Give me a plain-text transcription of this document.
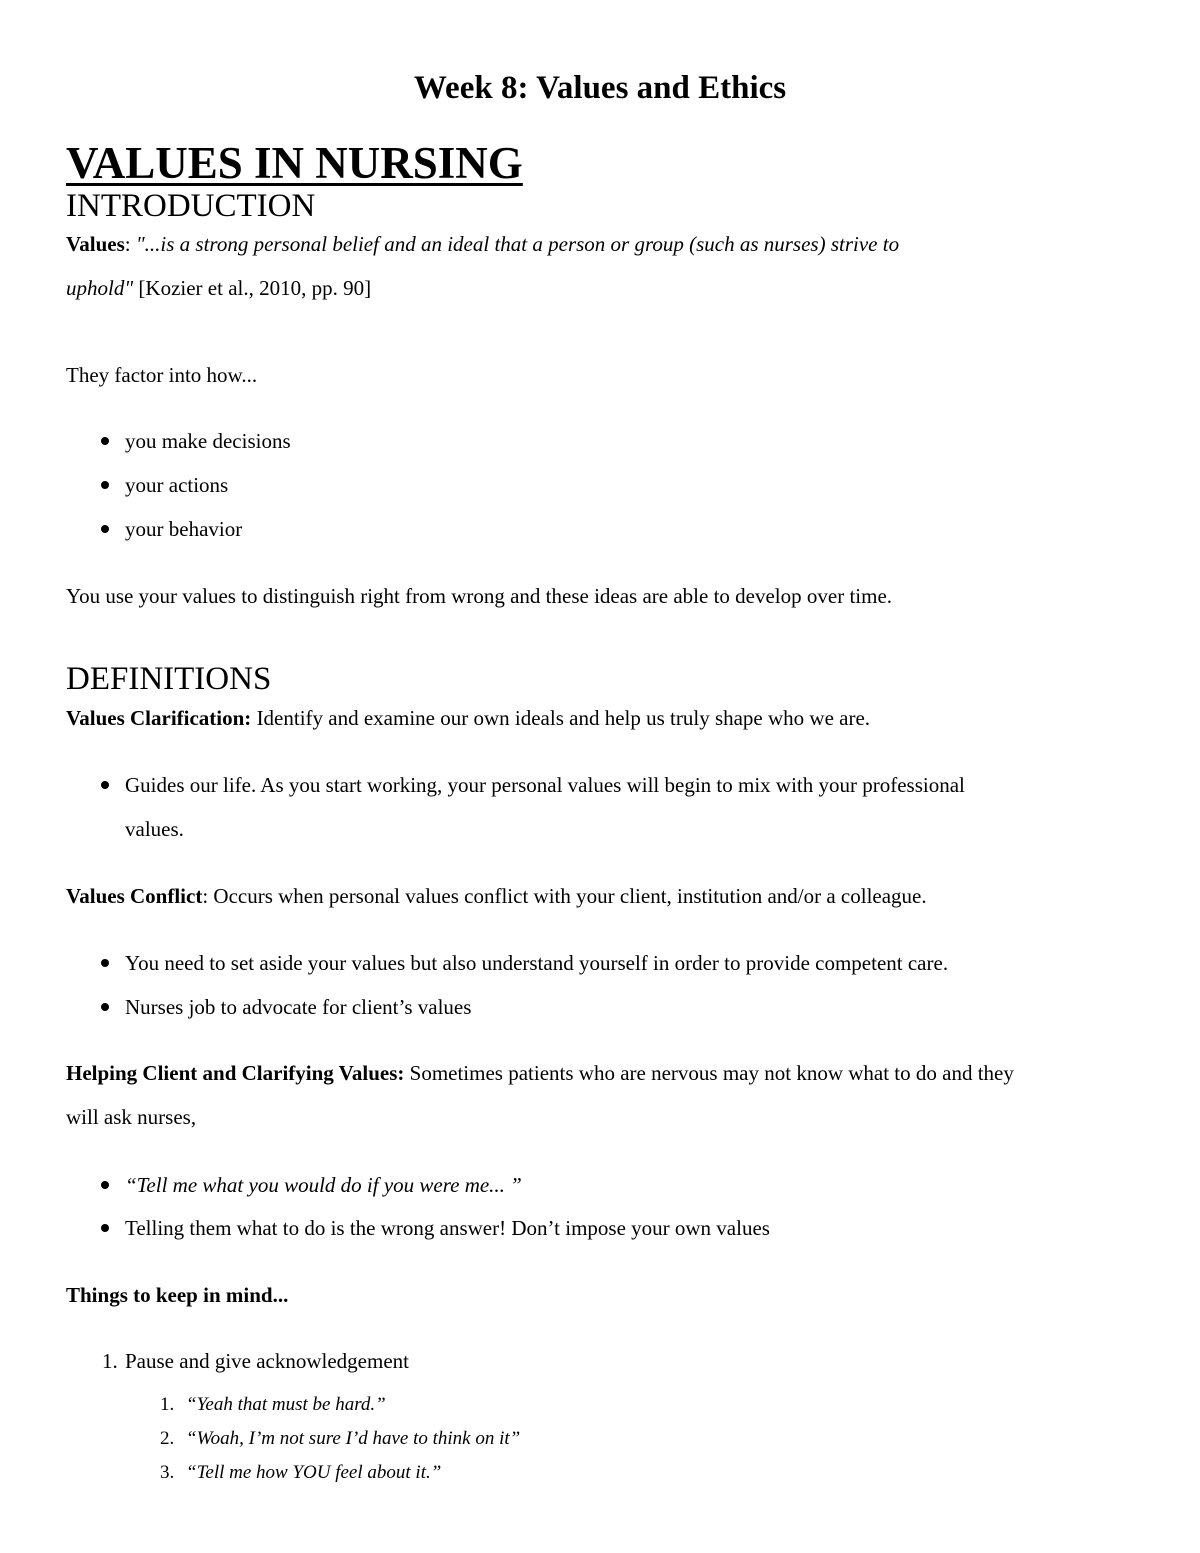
Week 8: Values and Ethics
VALUES IN NURSING
INTRODUCTION

Values: "...is a strong personal belief and an ideal that a person or group (such as nurses) strive to

uphold" [Kozier et al., 2010, pp. 90]

They factor into how...

you make decisions

your actions

your behavior

You use your values to distinguish right from wrong and these ideas are able to develop over time.

DEFINITIONS

Values Clarification: Identify and examine our own ideals and help us truly shape who we are.

Guides our life. As you start working, your personal values will begin to mix with your professional

values.

Values Conflict: Occurs when personal values conflict with your client, institution and/or a colleague.

You need to set aside your values but also understand yourself in order to provide competent care.

Nurses job to advocate for client’s values

Helping Client and Clarifying Values: Sometimes patients who are nervous may not know what to do and they

will ask nurses,

“Tell me what you would do if you were me... ”

Telling them what to do is the wrong answer! Don’t impose your own values

Things to keep in mind...

1. Pause and give acknowledgement

1. “Yeah that must be hard.”

2. “Woah, I’m not sure I’d have to think on it”

3. “Tell me how YOU feel about it.”
